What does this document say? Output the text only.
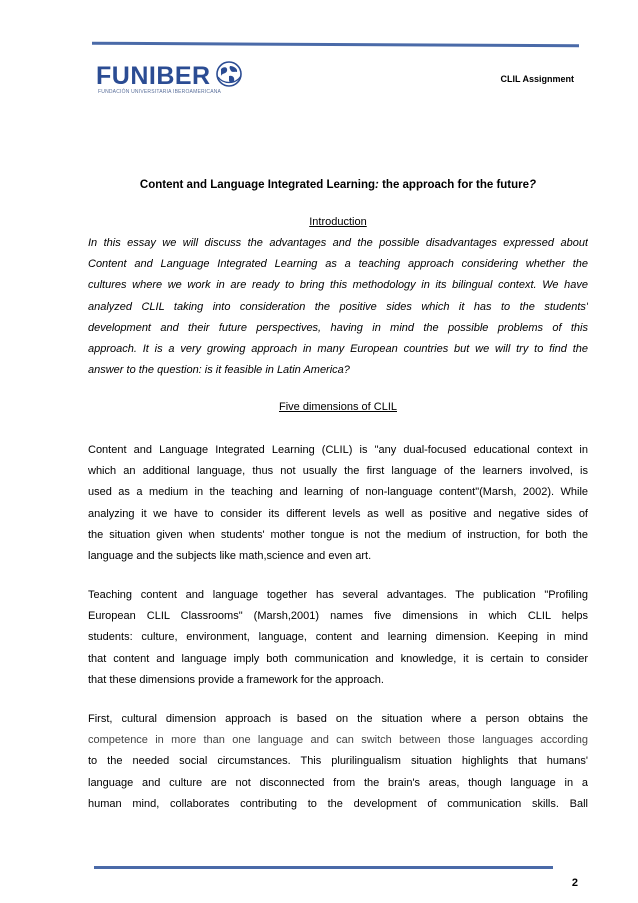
FUNIBER
FUNDACIÓN UNIVERSITARIA IBEROAMERICANA
CLIL Assignment
Content and Language Integrated Learning: the approach for the future?
Introduction
In this essay we will discuss the advantages and the possible disadvantages expressed about
Content and Language Integrated Learning as a teaching approach considering whether the
cultures where we work in are ready to bring this methodology in its bilingual context. We have
analyzed CLIL taking into consideration the positive sides which it has to the students'
development and their future perspectives, having in mind the possible problems of this
approach. It is a very growing approach in many European countries but we will try to find the
answer to the question: is it feasible in Latin America?
Five dimensions of CLIL
Content and Language Integrated Learning (CLIL) is "any dual-focused educational context in
which an additional language, thus not usually the first language of the learners involved, is
used as a medium in the teaching and learning of non-language content"(Marsh, 2002). While
analyzing it we have to consider its different levels as well as positive and negative sides of
the situation given when students' mother tongue is not the medium of instruction, for both the
language and the subjects like math,science and even art.
Teaching content and language together has several advantages. The publication "Profiling
European CLIL Classrooms" (Marsh,2001) names five dimensions in which CLIL helps
students: culture, environment, language, content and learning dimension. Keeping in mind
that content and language imply both communication and knowledge, it is certain to consider
that these dimensions provide a framework for the approach.
First, cultural dimension approach is based on the situation where a person obtains the
competence in more than one language and can switch between those languages according
to the needed social circumstances. This plurilingualism situation highlights that humans'
language and culture are not disconnected from the brain's areas, though language in a
human mind, collaborates contributing to the development of communication skills. Ball
2
